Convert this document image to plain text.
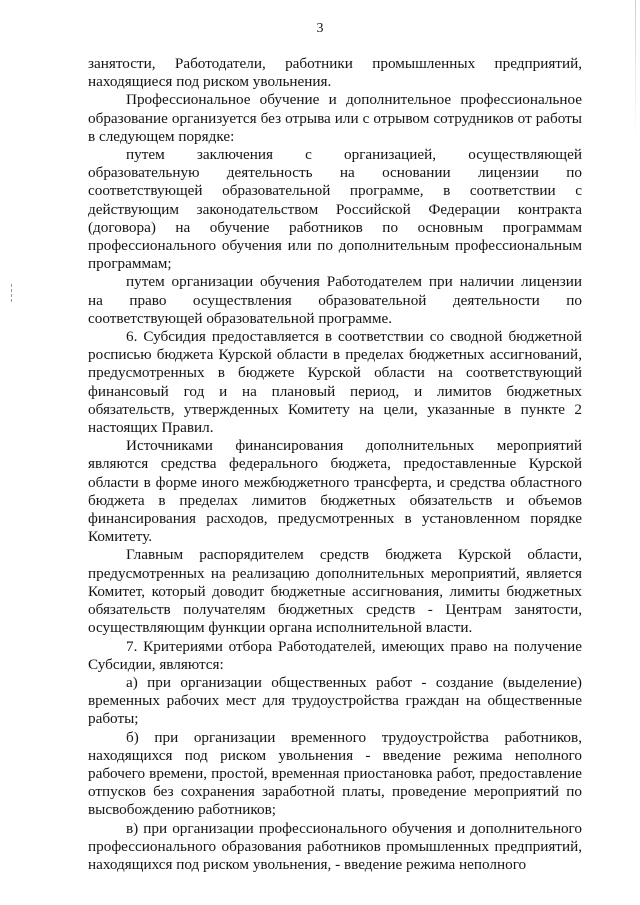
3

занятости, Работодатели, работники промышленных предприятий, находящиеся под риском увольнения.

Профессиональное обучение и дополнительное профессиональное образование организуется без отрыва или с отрывом сотрудников от работы в следующем порядке:

путем заключения с организацией, осуществляющей образовательную деятельность на основании лицензии по соответствующей образовательной программе, в соответствии с действующим законодательством Российской Федерации контракта (договора) на обучение работников по основным программам профессионального обучения или по дополнительным профессиональным программам;

путем организации обучения Работодателем при наличии лицензии на право осуществления образовательной деятельности по соответствующей образовательной программе.

6. Субсидия предоставляется в соответствии со сводной бюджетной росписью бюджета Курской области в пределах бюджетных ассигнований, предусмотренных в бюджете Курской области на соответствующий финансовый год и на плановый период, и лимитов бюджетных обязательств, утвержденных Комитету на цели, указанные в пункте 2 настоящих Правил.

Источниками финансирования дополнительных мероприятий являются средства федерального бюджета, предоставленные Курской области в форме иного межбюджетного трансферта, и средства областного бюджета в пределах лимитов бюджетных обязательств и объемов финансирования расходов, предусмотренных в установленном порядке Комитету.

Главным распорядителем средств бюджета Курской области, предусмотренных на реализацию дополнительных мероприятий, является Комитет, который доводит бюджетные ассигнования, лимиты бюджетных обязательств получателям бюджетных средств - Центрам занятости, осуществляющим функции органа исполнительной власти.

7. Критериями отбора Работодателей, имеющих право на получение Субсидии, являются:

а) при организации общественных работ - создание (выделение) временных рабочих мест для трудоустройства граждан на общественные работы;

б) при организации временного трудоустройства работников, находящихся под риском увольнения - введение режима неполного рабочего времени, простой, временная приостановка работ, предоставление отпусков без сохранения заработной платы, проведение мероприятий по высвобождению работников;

в) при организации профессионального обучения и дополнительного профессионального образования работников промышленных предприятий, находящихся под риском увольнения, - введение режима неполного
